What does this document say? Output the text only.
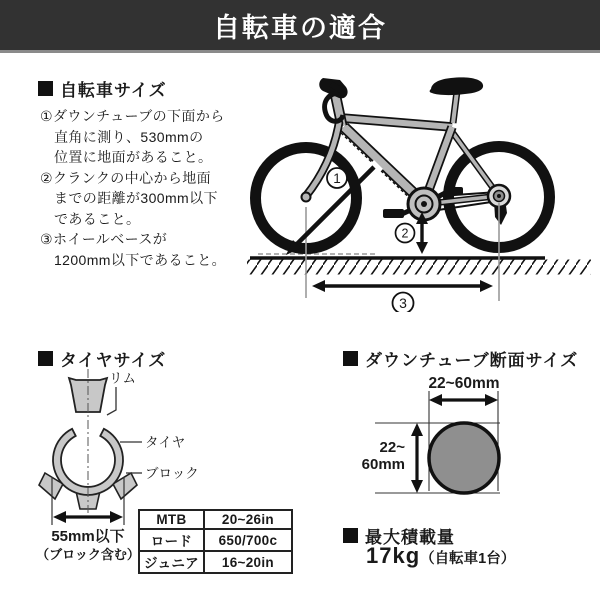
自転車の適合
自転車サイズ
①ダウンチューブの下面から
直角に測り、530mmの
位置に地面があること。
②クランクの中心から地面
までの距離が300mm以下
であること。
③ホイールベースが
1200mm以下であること。
1
2
3
タイヤサイズ
リム
タイヤ
ブロック
55mm以下
（ブロック含む）
MTB	20~26in
ロード	650/700c
ジュニア	16~20in
ダウンチューブ断面サイズ
22~60mm
22~
60mm
最大積載量
17kg （自転車1台）
